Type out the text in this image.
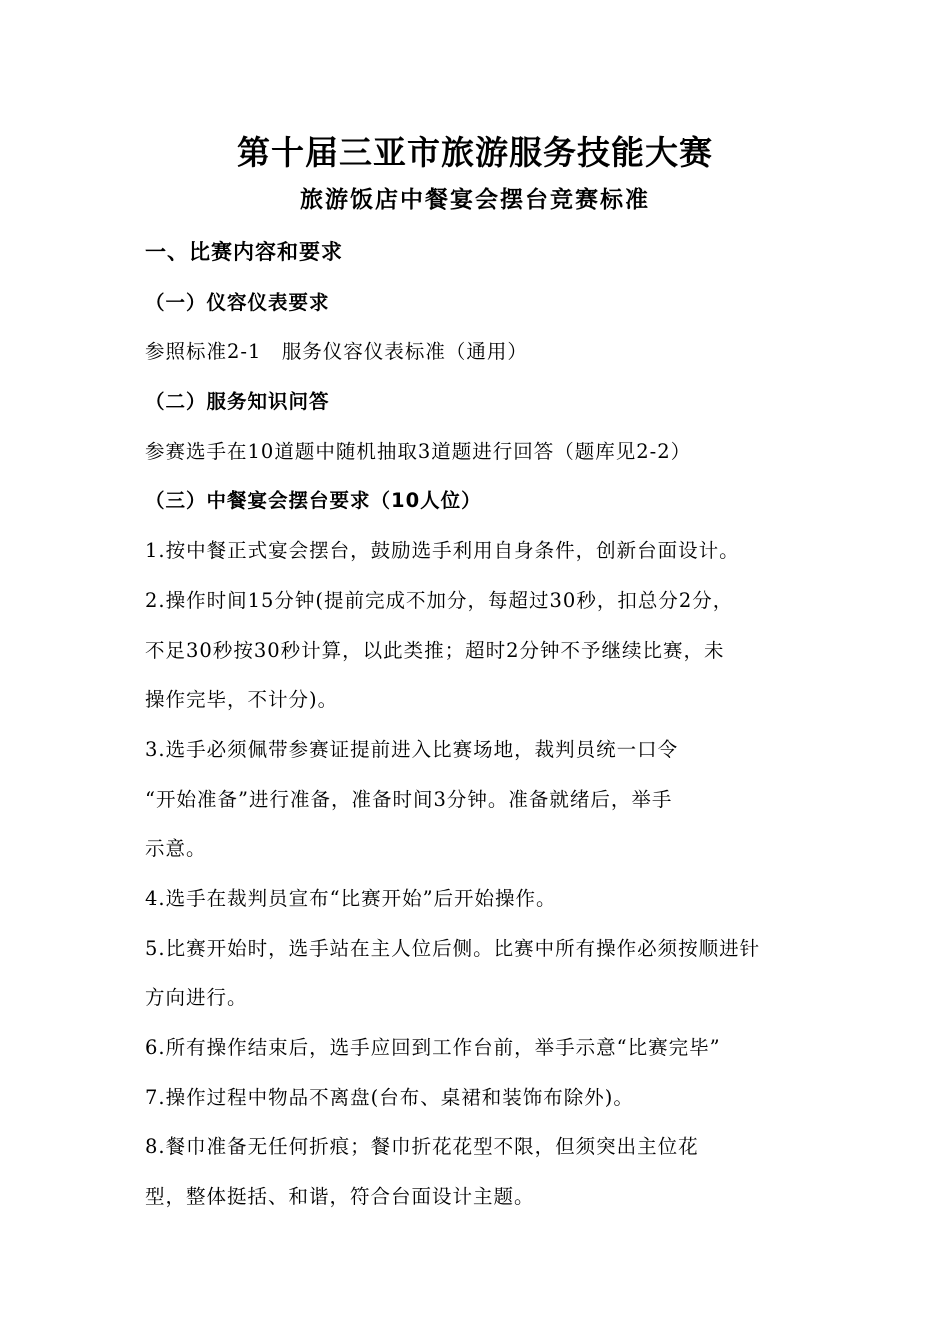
第十届三亚市旅游服务技能大赛
旅游饭店中餐宴会摆台竞赛标准
一、比赛内容和要求
（一）仪容仪表要求
参照标准2-1　服务仪容仪表标准（通用）
（二）服务知识问答
参赛选手在10道题中随机抽取3道题进行回答（题库见2-2）
（三）中餐宴会摆台要求（10人位）
1.按中餐正式宴会摆台，鼓励选手利用自身条件，创新台面设计。
2.操作时间15分钟(提前完成不加分，每超过30秒，扣总分2分，
不足30秒按30秒计算，以此类推；超时2分钟不予继续比赛，未
操作完毕，不计分)。
3.选手必须佩带参赛证提前进入比赛场地，裁判员统一口令
“开始准备”进行准备，准备时间3分钟。准备就绪后，举手
示意。
4.选手在裁判员宣布“比赛开始”后开始操作。
5.比赛开始时，选手站在主人位后侧。比赛中所有操作必须按顺进针
方向进行。
6.所有操作结束后，选手应回到工作台前，举手示意“比赛完毕”
7.操作过程中物品不离盘(台布、桌裙和装饰布除外)。
8.餐巾准备无任何折痕；餐巾折花花型不限，但须突出主位花
型，整体挺括、和谐，符合台面设计主题。
